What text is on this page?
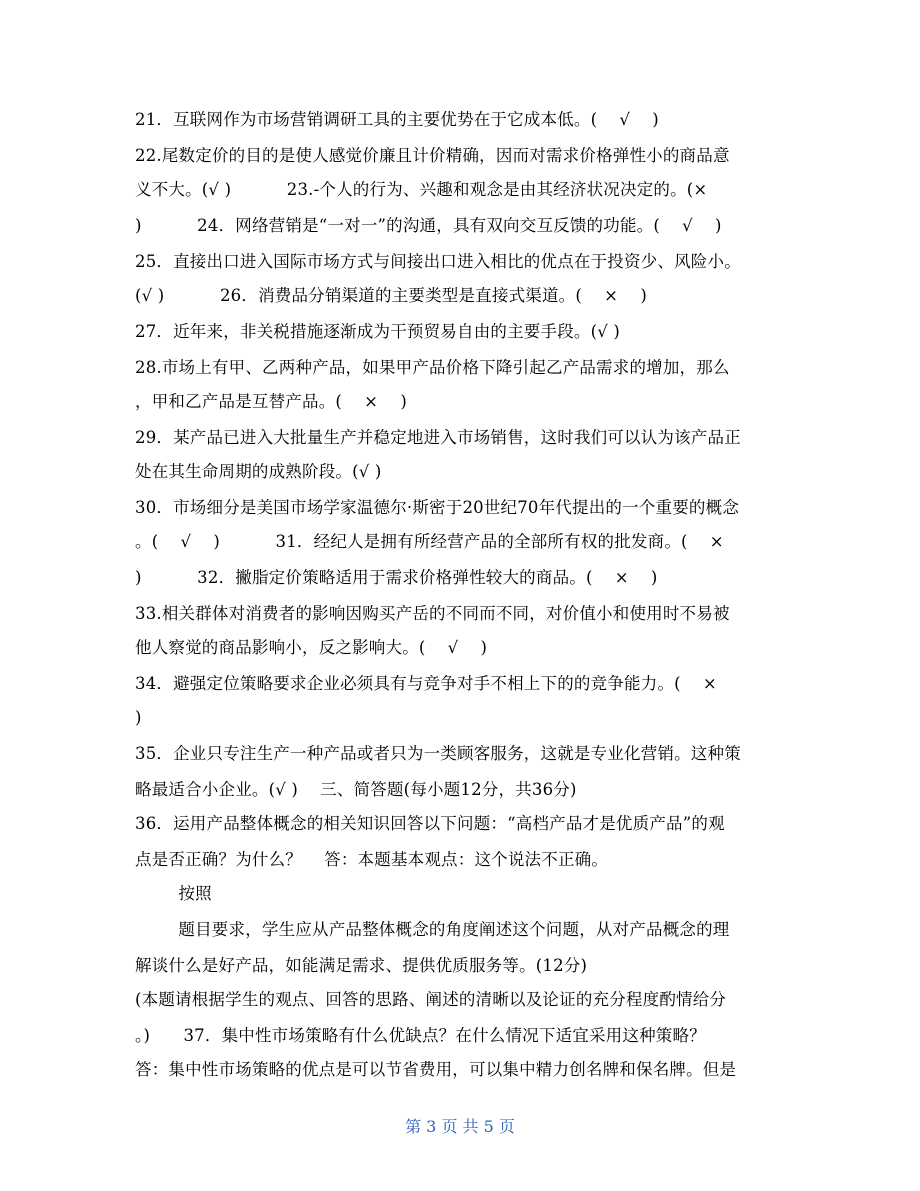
21．互联网作为市场营销调研工具的主要优势在于它成本低。(　 √　 )
22.尾数定价的目的是使人感觉价廉且计价精确，因而对需求价格弹性小的商品意
义不大。(√ )　　　 23.-个人的行为、兴趣和观念是由其经济状况决定的。(×
)　　　 24．网络营销是“一对一”的沟通，具有双向交互反馈的功能。(　 √　 )
25．直接出口进入国际市场方式与间接出口进入相比的优点在于投资少、风险小。
(√ )　　　 26．消费品分销渠道的主要类型是直接式渠道。(　 ×　 )
27．近年来，非关税措施逐渐成为干预贸易自由的主要手段。(√ )
28.市场上有甲、乙两种产品，如果甲产品价格下降引起乙产品需求的增加，那么
，甲和乙产品是互替产品。(　 ×　 )
29．某产品已进入大批量生产并稳定地进入市场销售，这时我们可以认为该产品正
处在其生命周期的成熟阶段。(√ )
30．市场细分是美国市场学家温德尔·斯密于20世纪70年代提出的一个重要的概念
。(　 √　 )　　　 31．经纪人是拥有所经营产品的全部所有权的批发商。(　 ×
)　　　 32．撇脂定价策略适用于需求价格弹性较大的商品。(　 ×　 )
33.相关群体对消费者的影响因购买产岳的不同而不同，对价值小和使用时不易被
他人察觉的商品影响小，反之影响大。(　 √　 )
34．避强定位策略要求企业必须具有与竞争对手不相上下的的竞争能力。(　 ×
)
35．企业只专注生产一种产品或者只为一类顾客服务，这就是专业化营销。这种策
略最适合小企业。(√ )　 三、简答题(每小题12分，共36分)
36．运用产品整体概念的相关知识回答以下问题：“高档产品才是优质产品”的观
点是否正确？为什么？　 答：本题基本观点：这个说法不正确。
　　按照
　　题目要求，学生应从产品整体概念的角度阐述这个问题，从对产品概念的理
解谈什么是好产品，如能满足需求、提供优质服务等。(12分)
(本题请根据学生的观点、回答的思路、阐述的清晰以及论证的充分程度酌情给分
。)　　37．集中性市场策略有什么优缺点？在什么情况下适宜采用这种策略？
答：集中性市场策略的优点是可以节省费用，可以集中精力创名牌和保名牌。但是
第 3 页 共 5 页
